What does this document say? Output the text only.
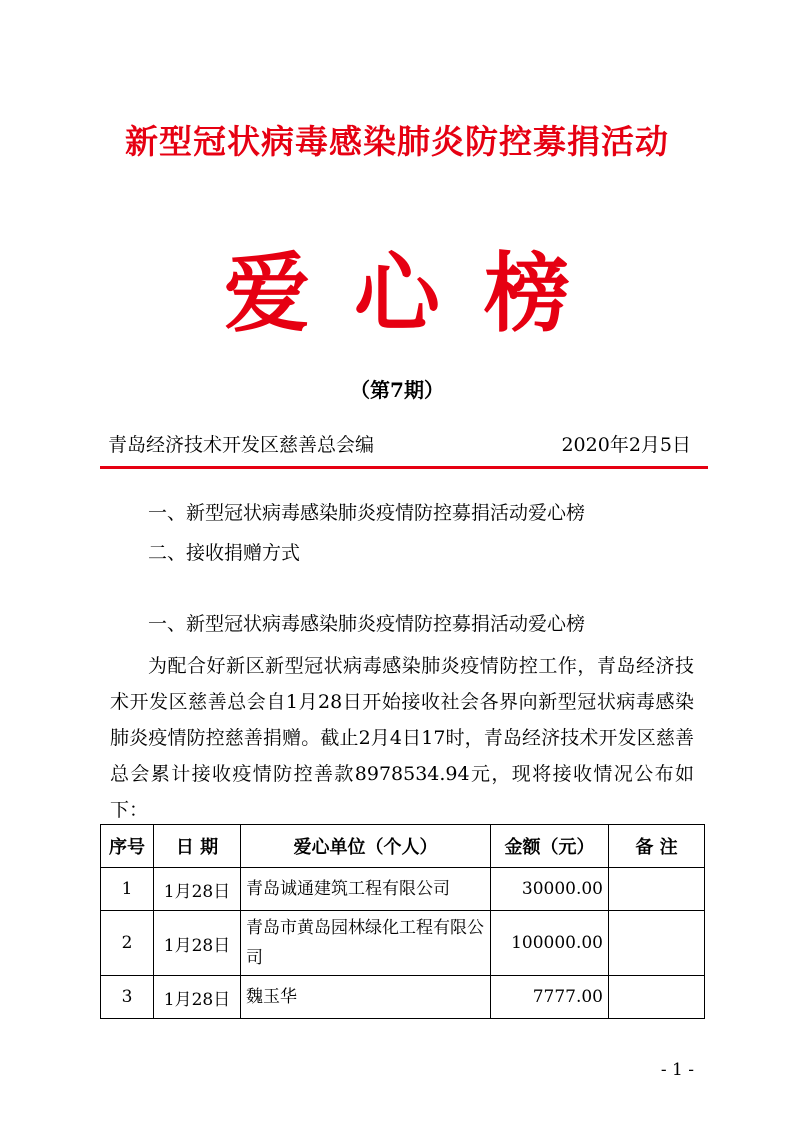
新型冠状病毒感染肺炎防控募捐活动
爱心榜
（第7期）
青岛经济技术开发区慈善总会编	2020年2月5日
一、新型冠状病毒感染肺炎疫情防控募捐活动爱心榜
二、接收捐赠方式
一、新型冠状病毒感染肺炎疫情防控募捐活动爱心榜

为配合好新区新型冠状病毒感染肺炎疫情防控工作，青岛经济技术开发区慈善总会自1月28日开始接收社会各界向新型冠状病毒感染肺炎疫情防控慈善捐赠。截止2月4日17时，青岛经济技术开发区慈善总会累计接收疫情防控善款8978534.94元，现将接收情况公布如下：

序号	日 期	爱心单位（个人）	金额（元）	备 注
1	1月28日	青岛诚通建筑工程有限公司	30000.00	
2	1月28日	青岛市黄岛园林绿化工程有限公司	100000.00	
3	1月28日	魏玉华	7777.00	
- 1 -
